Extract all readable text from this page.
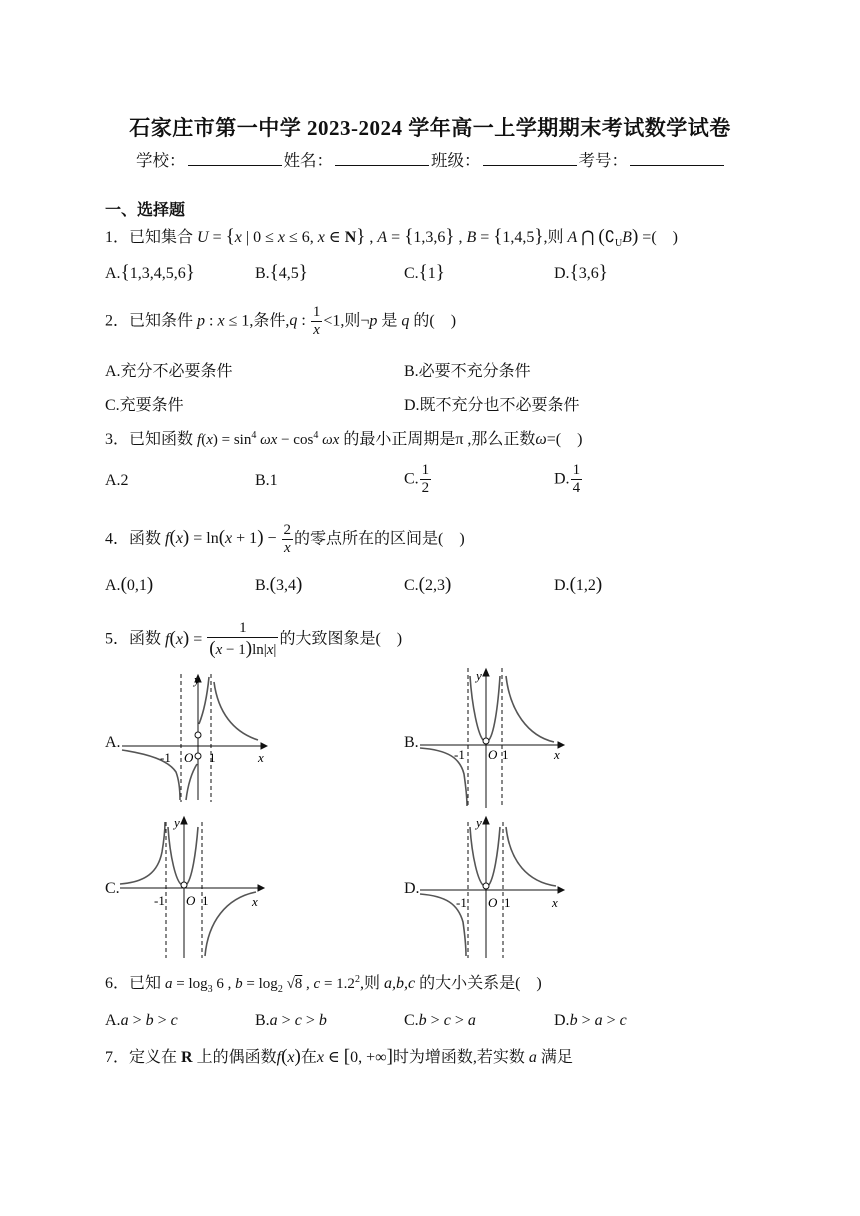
石家庄市第一中学 2023-2024 学年高一上学期期末考试数学试卷
学校：	姓名：	班级：	考号：
一、选择题
1．已知集合 U = {x | 0 ≤ x ≤ 6, x ∈ N} , A = {1,3,6} , B = {1,4,5},则 A ⋂ $(∁_UB)$ =(　)
A.{1,3,4,5,6}	B.{4,5}	C.{1}	D.{3,6}
2．已知条件 p : x ≤ 1,条件,q : $\frac{1}{x} <1$,则¬p 是 q 的(　)
A.充分不必要条件	B.必要不充分条件
C.充要条件	D.既不充分也不必要条件
3．已知函数 $f(x) = \sin^4 \omega x - \cos^4 \omega x$ 的最小正周期是π ,那么正数ω=(　)
A.2	B.1	C. $\frac{1}{2}$	D. $\frac{1}{4}$
4．函数 $f(x) = \ln(x + 1) - \frac{2}{x}$ 的零点所在的区间是(　)
A.(0,1)	B.(3,4)	C.(2,3)	D.(1,2)
5．函数 $f(x) = \frac{1}{(x - 1)\ln|x|}$ 的大致图象是(　)
A.
y
x
-1 O 1
B.
y
x
-1 O 1
C.
y
x
-1 O 1
D.
y
x
-1 O 1
6．已知 $a = \log_3 6$ , $b = \log_2 √8$ , $c = 1.2^2$,则 a,b,c 的大小关系是(　)
A.a > b > c	B.a > c > b	C.b > c > a	D.b > a > c
7．定义在 R 上的偶函数f(x)在x ∈ [0, +∞]时为增函数,若实数 a 满足
